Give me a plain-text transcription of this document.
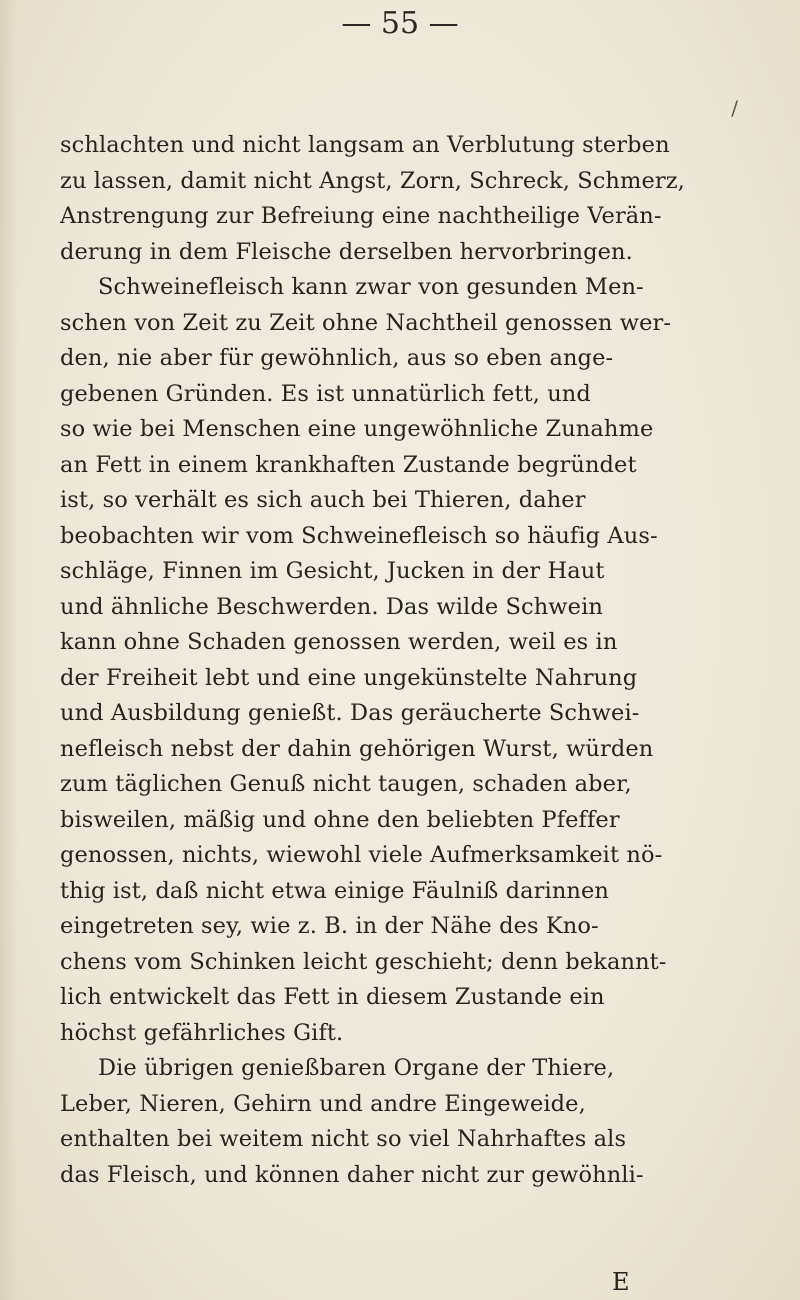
— 55 —
/
schlachten und nicht langsam an Verblutung sterben
zu lassen, damit nicht Angst, Zorn, Schreck, Schmerz,
Anstrengung zur Befreiung eine nachtheilige Verän-
derung in dem Fleische derselben hervorbringen.
Schweinefleisch kann zwar von gesunden Men-
schen von Zeit zu Zeit ohne Nachtheil genossen wer-
den, nie aber für gewöhnlich, aus so eben ange-
gebenen Gründen. Es ist unnatürlich fett, und
so wie bei Menschen eine ungewöhnliche Zunahme
an Fett in einem krankhaften Zustande begründet
ist, so verhält es sich auch bei Thieren, daher
beobachten wir vom Schweinefleisch so häufig Aus-
schläge, Finnen im Gesicht, Jucken in der Haut
und ähnliche Beschwerden. Das wilde Schwein
kann ohne Schaden genossen werden, weil es in
der Freiheit lebt und eine ungekünstelte Nahrung
und Ausbildung genießt. Das geräucherte Schwei-
nefleisch nebst der dahin gehörigen Wurst, würden
zum täglichen Genuß nicht taugen, schaden aber,
bisweilen, mäßig und ohne den beliebten Pfeffer
genossen, nichts, wiewohl viele Aufmerksamkeit nö-
thig ist, daß nicht etwa einige Fäulniß darinnen
eingetreten sey, wie z. B. in der Nähe des Kno-
chens vom Schinken leicht geschieht; denn bekannt-
lich entwickelt das Fett in diesem Zustande ein
höchst gefährliches Gift.
Die übrigen genießbaren Organe der Thiere,
Leber, Nieren, Gehirn und andre Eingeweide,
enthalten bei weitem nicht so viel Nahrhaftes als
das Fleisch, und können daher nicht zur gewöhnli-
E
